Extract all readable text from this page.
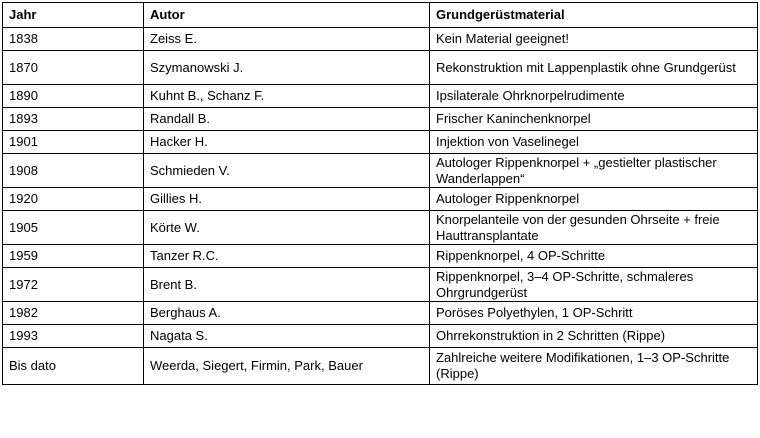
Jahr	Autor	Grundgerüstmaterial
1838	Zeiss E.	Kein Material geeignet!
1870	Szymanowski J.	Rekonstruktion mit Lappenplastik ohne Grundgerüst
1890	Kuhnt B., Schanz F.	Ipsilaterale Ohrknorpelrudimente
1893	Randall B.	Frischer Kaninchenknorpel
1901	Hacker H.	Injektion von Vaselinegel
1908	Schmieden V.	Autologer Rippenknorpel + „gestielter plastischer Wanderlappen“
1920	Gillies H.	Autologer Rippenknorpel
1905	Körte W.	Knorpelanteile von der gesunden Ohrseite + freie Hauttransplantate
1959	Tanzer R.C.	Rippenknorpel, 4 OP-Schritte
1972	Brent B.	Rippenknorpel, 3–4 OP-Schritte, schmaleres Ohrgrundgerüst
1982	Berghaus A.	Poröses Polyethylen, 1 OP-Schritt
1993	Nagata S.	Ohrrekonstruktion in 2 Schritten (Rippe)
Bis dato	Weerda, Siegert, Firmin, Park, Bauer	Zahlreiche weitere Modifikationen, 1–3 OP-Schritte (Rippe)
